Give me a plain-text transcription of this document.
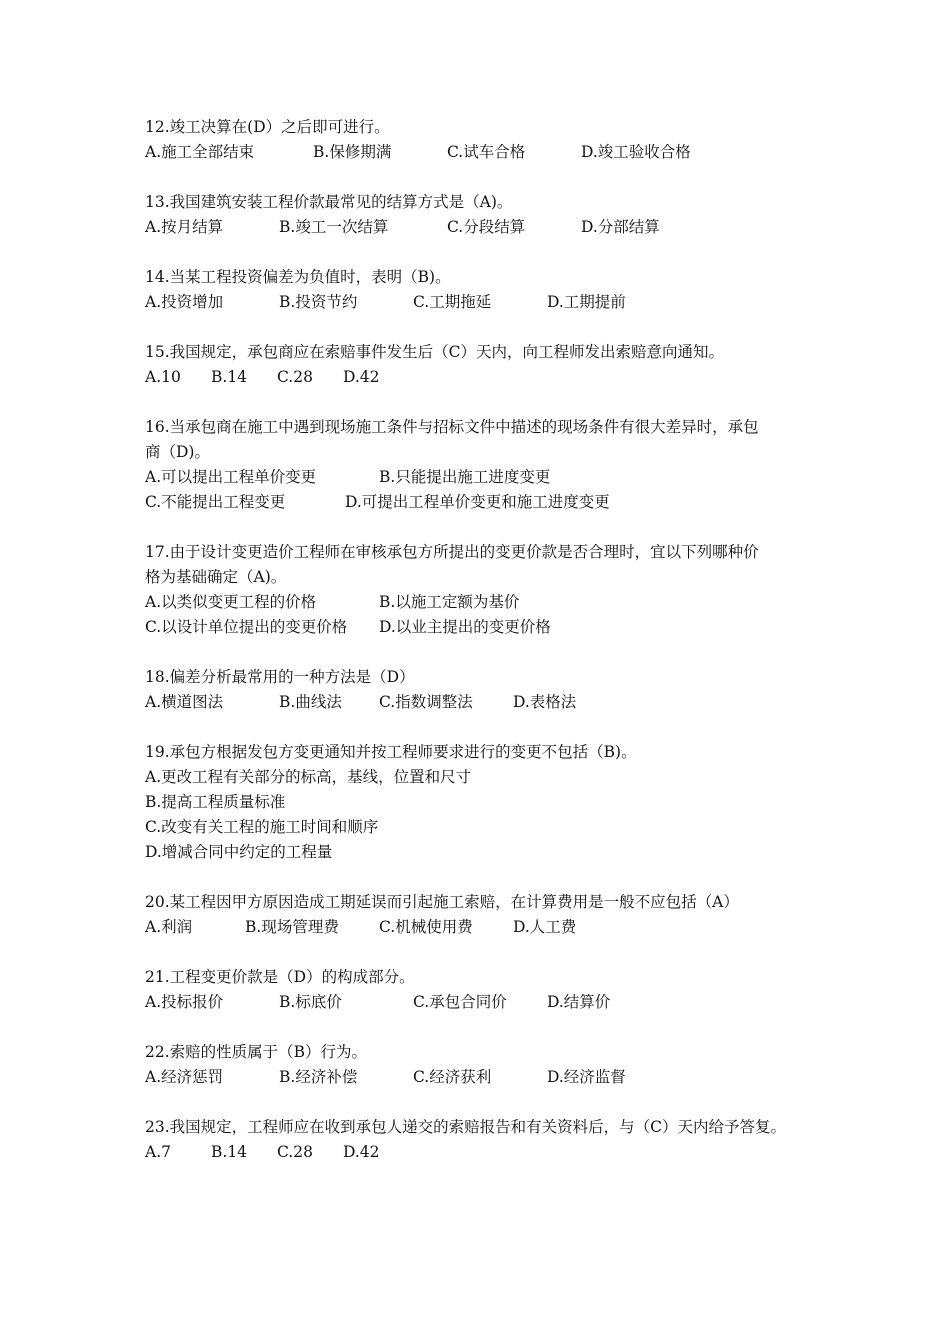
12.竣工决算在(D）之后即可进行。
A.施工全部结束	B.保修期满	C.试车合格	D.竣工验收合格
13.我国建筑安装工程价款最常见的结算方式是（A)。
A.按月结算	B.竣工一次结算	C.分段结算	D.分部结算
14.当某工程投资偏差为负值时，表明（B)。
A.投资增加	B.投资节约	C.工期拖延	D.工期提前
15.我国规定，承包商应在索赔事件发生后（C）天内，向工程师发出索赔意向通知。
A.10 B.14 C.28 D.42
16.当承包商在施工中遇到现场施工条件与招标文件中描述的现场条件有很大差异时，承包
商（D)。
A.可以提出工程单价变更	B.只能提出施工进度变更
C.不能提出工程变更	D.可提出工程单价变更和施工进度变更
17.由于设计变更造价工程师在审核承包方所提出的变更价款是否合理时，宜以下列哪种价
格为基础确定（A)。
A.以类似变更工程的价格	B.以施工定额为基价
C.以设计单位提出的变更价格 D.以业主提出的变更价格
18.偏差分析最常用的一种方法是（D）
A.横道图法	B.曲线法 C.指数调整法	D.表格法
19.承包方根据发包方变更通知并按工程师要求进行的变更不包括（B)。
A.更改工程有关部分的标高，基线，位置和尺寸
B.提高工程质量标准
C.改变有关工程的施工时间和顺序
D.增减合同中约定的工程量
20.某工程因甲方原因造成工期延误而引起施工索赔，在计算费用是一般不应包括（A）
A.利润	B.现场管理费	C.机械使用费	D.人工费
21.工程变更价款是（D）的构成部分。
A.投标报价	B.标底价	C.承包合同价	D.结算价
22.索赔的性质属于（B）行为。
A.经济惩罚	B.经济补偿	C.经济获利	D.经济监督
23.我国规定，工程师应在收到承包人递交的索赔报告和有关资料后，与（C）天内给予答复。
A.7	B.14 C.28 D.42
